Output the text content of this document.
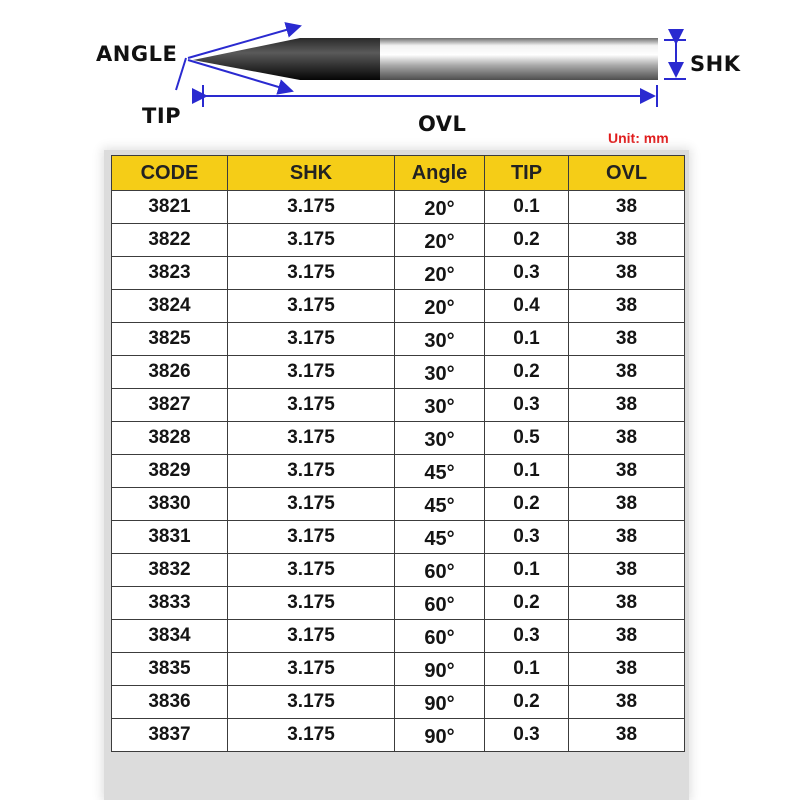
ANGLE
TIP
SHK
OVL
Unit: mm
CODE	SHK	Angle	TIP	OVL
3821	3.175	20°	0.1	38
3822	3.175	20°	0.2	38
3823	3.175	20°	0.3	38
3824	3.175	20°	0.4	38
3825	3.175	30°	0.1	38
3826	3.175	30°	0.2	38
3827	3.175	30°	0.3	38
3828	3.175	30°	0.5	38
3829	3.175	45°	0.1	38
3830	3.175	45°	0.2	38
3831	3.175	45°	0.3	38
3832	3.175	60°	0.1	38
3833	3.175	60°	0.2	38
3834	3.175	60°	0.3	38
3835	3.175	90°	0.1	38
3836	3.175	90°	0.2	38
3837	3.175	90°	0.3	38
